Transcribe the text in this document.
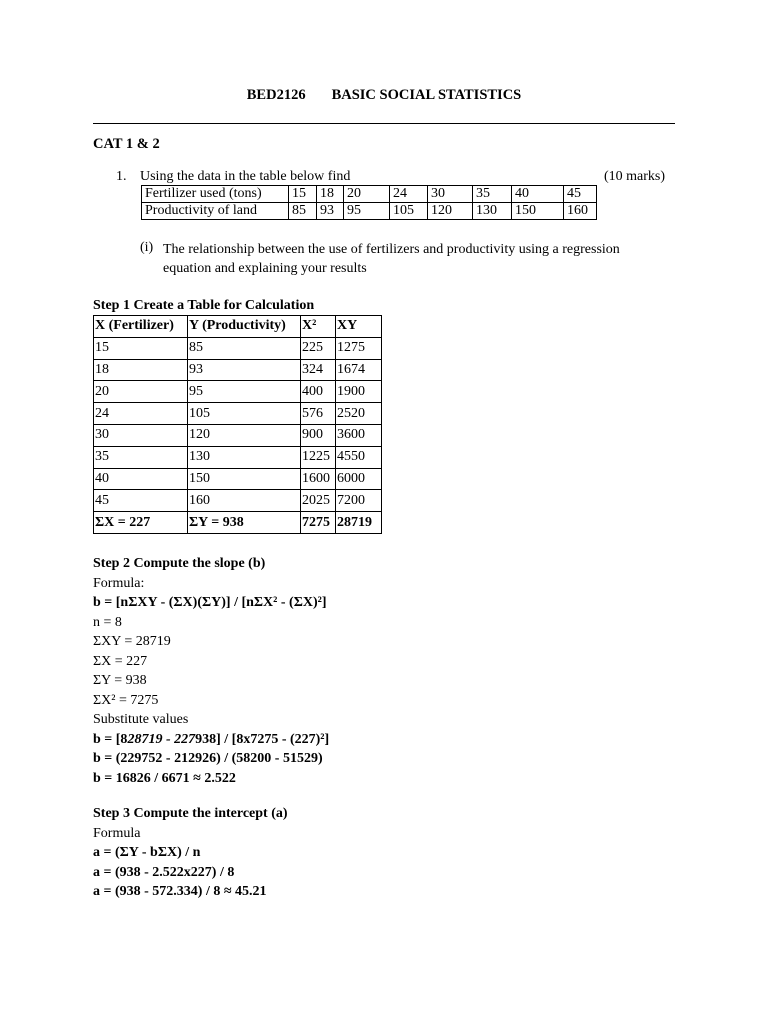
BED2126 BASIC SOCIAL STATISTICS
CAT 1 & 2
1. Using the data in the table below find	(10 marks)
Fertilizer used (tons)	15	18	20	24	30	35	40	45
Productivity of land	85	93	95	105	120	130	150	160
(i) The relationship between the use of fertilizers and productivity using a regression
equation and explaining your results
Step 1 Create a Table for Calculation
X (Fertilizer)	Y (Productivity)	X²	XY
15	85	225	1275
18	93	324	1674
20	95	400	1900
24	105	576	2520
30	120	900	3600
35	130	1225	4550
40	150	1600	6000
45	160	2025	7200
ΣX = 227	ΣY = 938	7275	28719
Step 2 Compute the slope (b)
Formula:
b = [nΣXY - (ΣX)(ΣY)] / [nΣX² - (ΣX)²]
n = 8
ΣXY = 28719
ΣX = 227
ΣY = 938
ΣX² = 7275
Substitute values
b = [828719 - 227938] / [8x7275 - (227)²]
b = (229752 - 212926) / (58200 - 51529)
b = 16826 / 6671 ≈ 2.522
Step 3 Compute the intercept (a)
Formula
a = (ΣY - bΣX) / n
a = (938 - 2.522x227) / 8
a = (938 - 572.334) / 8 ≈ 45.21
